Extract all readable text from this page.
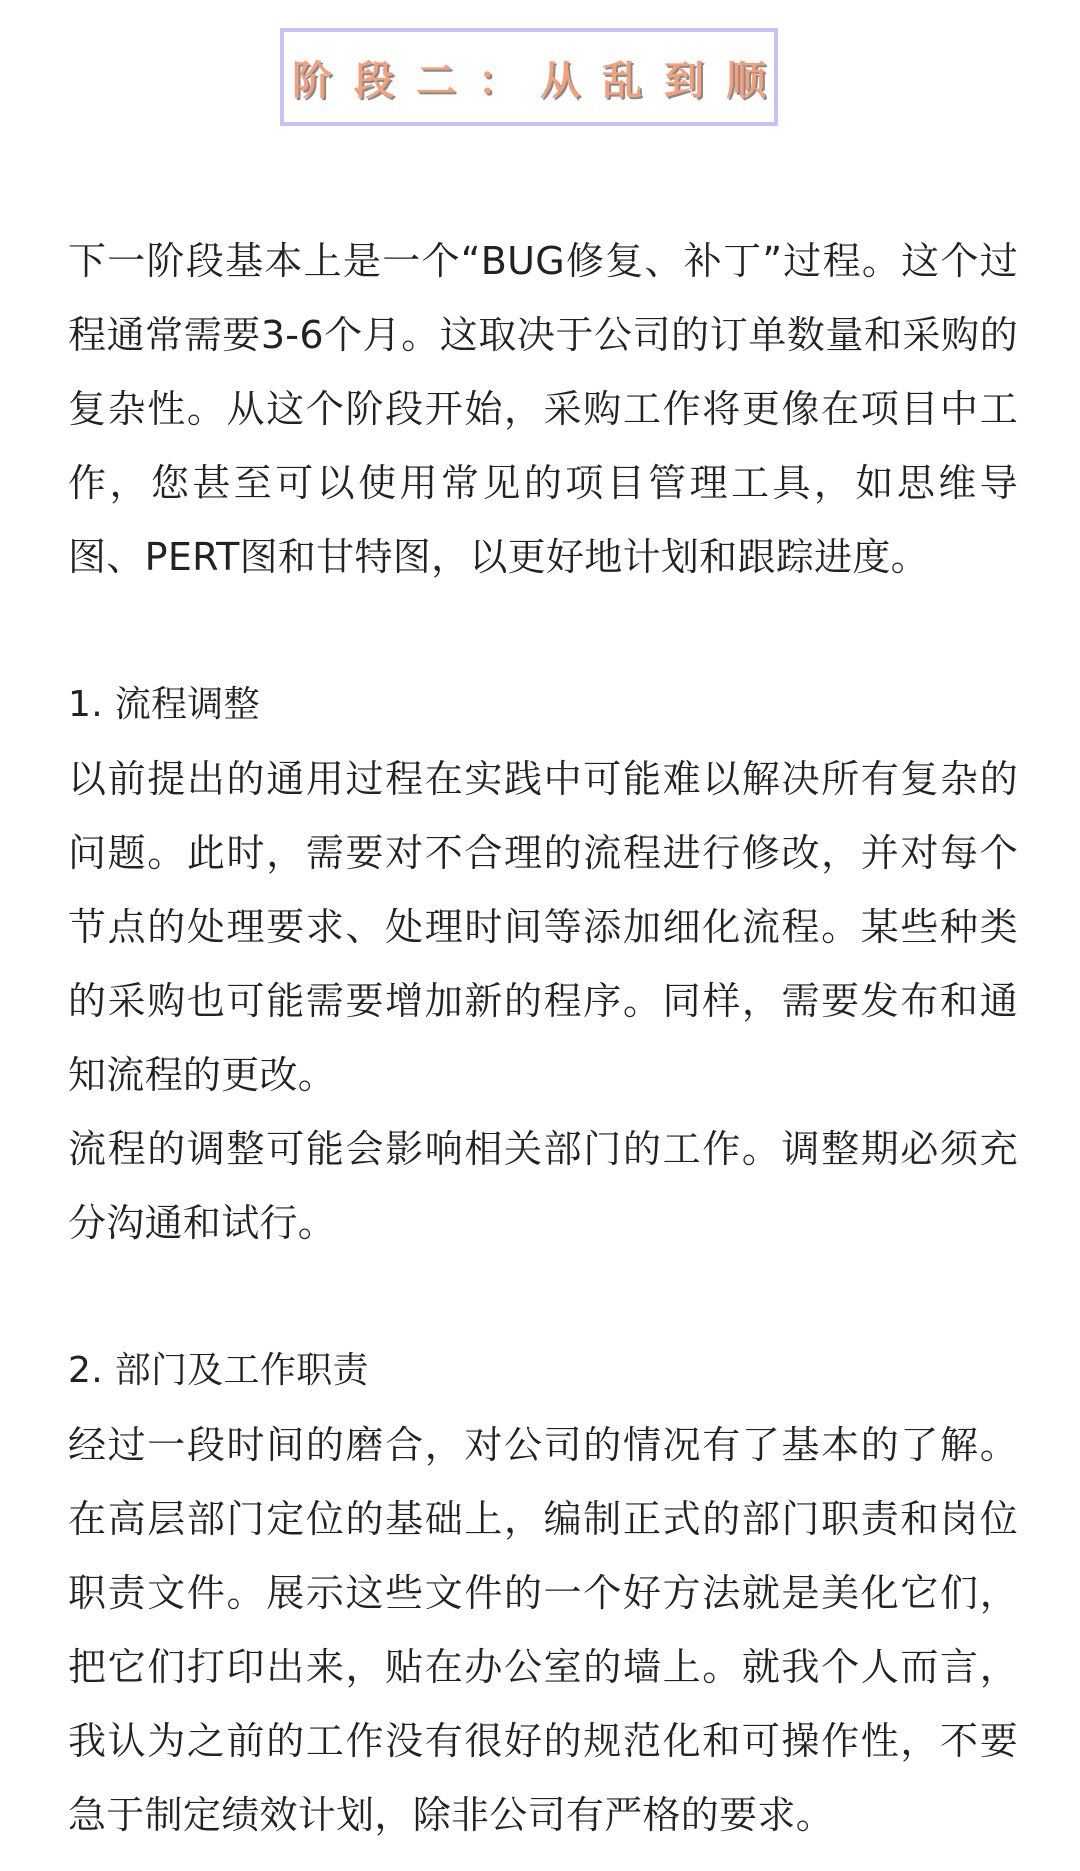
阶段二：从乱到顺

下一阶段基本上是一个“BUG修复、补丁”过程。这个过程通常需要3-6个月。这取决于公司的订单数量和采购的复杂性。从这个阶段开始，采购工作将更像在项目中工作，您甚至可以使用常见的项目管理工具，如思维导图、PERT图和甘特图，以更好地计划和跟踪进度。

1. 流程调整

以前提出的通用过程在实践中可能难以解决所有复杂的问题。此时，需要对不合理的流程进行修改，并对每个节点的处理要求、处理时间等添加细化流程。某些种类的采购也可能需要增加新的程序。同样，需要发布和通知流程的更改。

流程的调整可能会影响相关部门的工作。调整期必须充分沟通和试行。

2. 部门及工作职责

经过一段时间的磨合，对公司的情况有了基本的了解。在高层部门定位的基础上，编制正式的部门职责和岗位职责文件。展示这些文件的一个好方法就是美化它们，把它们打印出来，贴在办公室的墙上。就我个人而言，我认为之前的工作没有很好的规范化和可操作性，不要急于制定绩效计划，除非公司有严格的要求。
